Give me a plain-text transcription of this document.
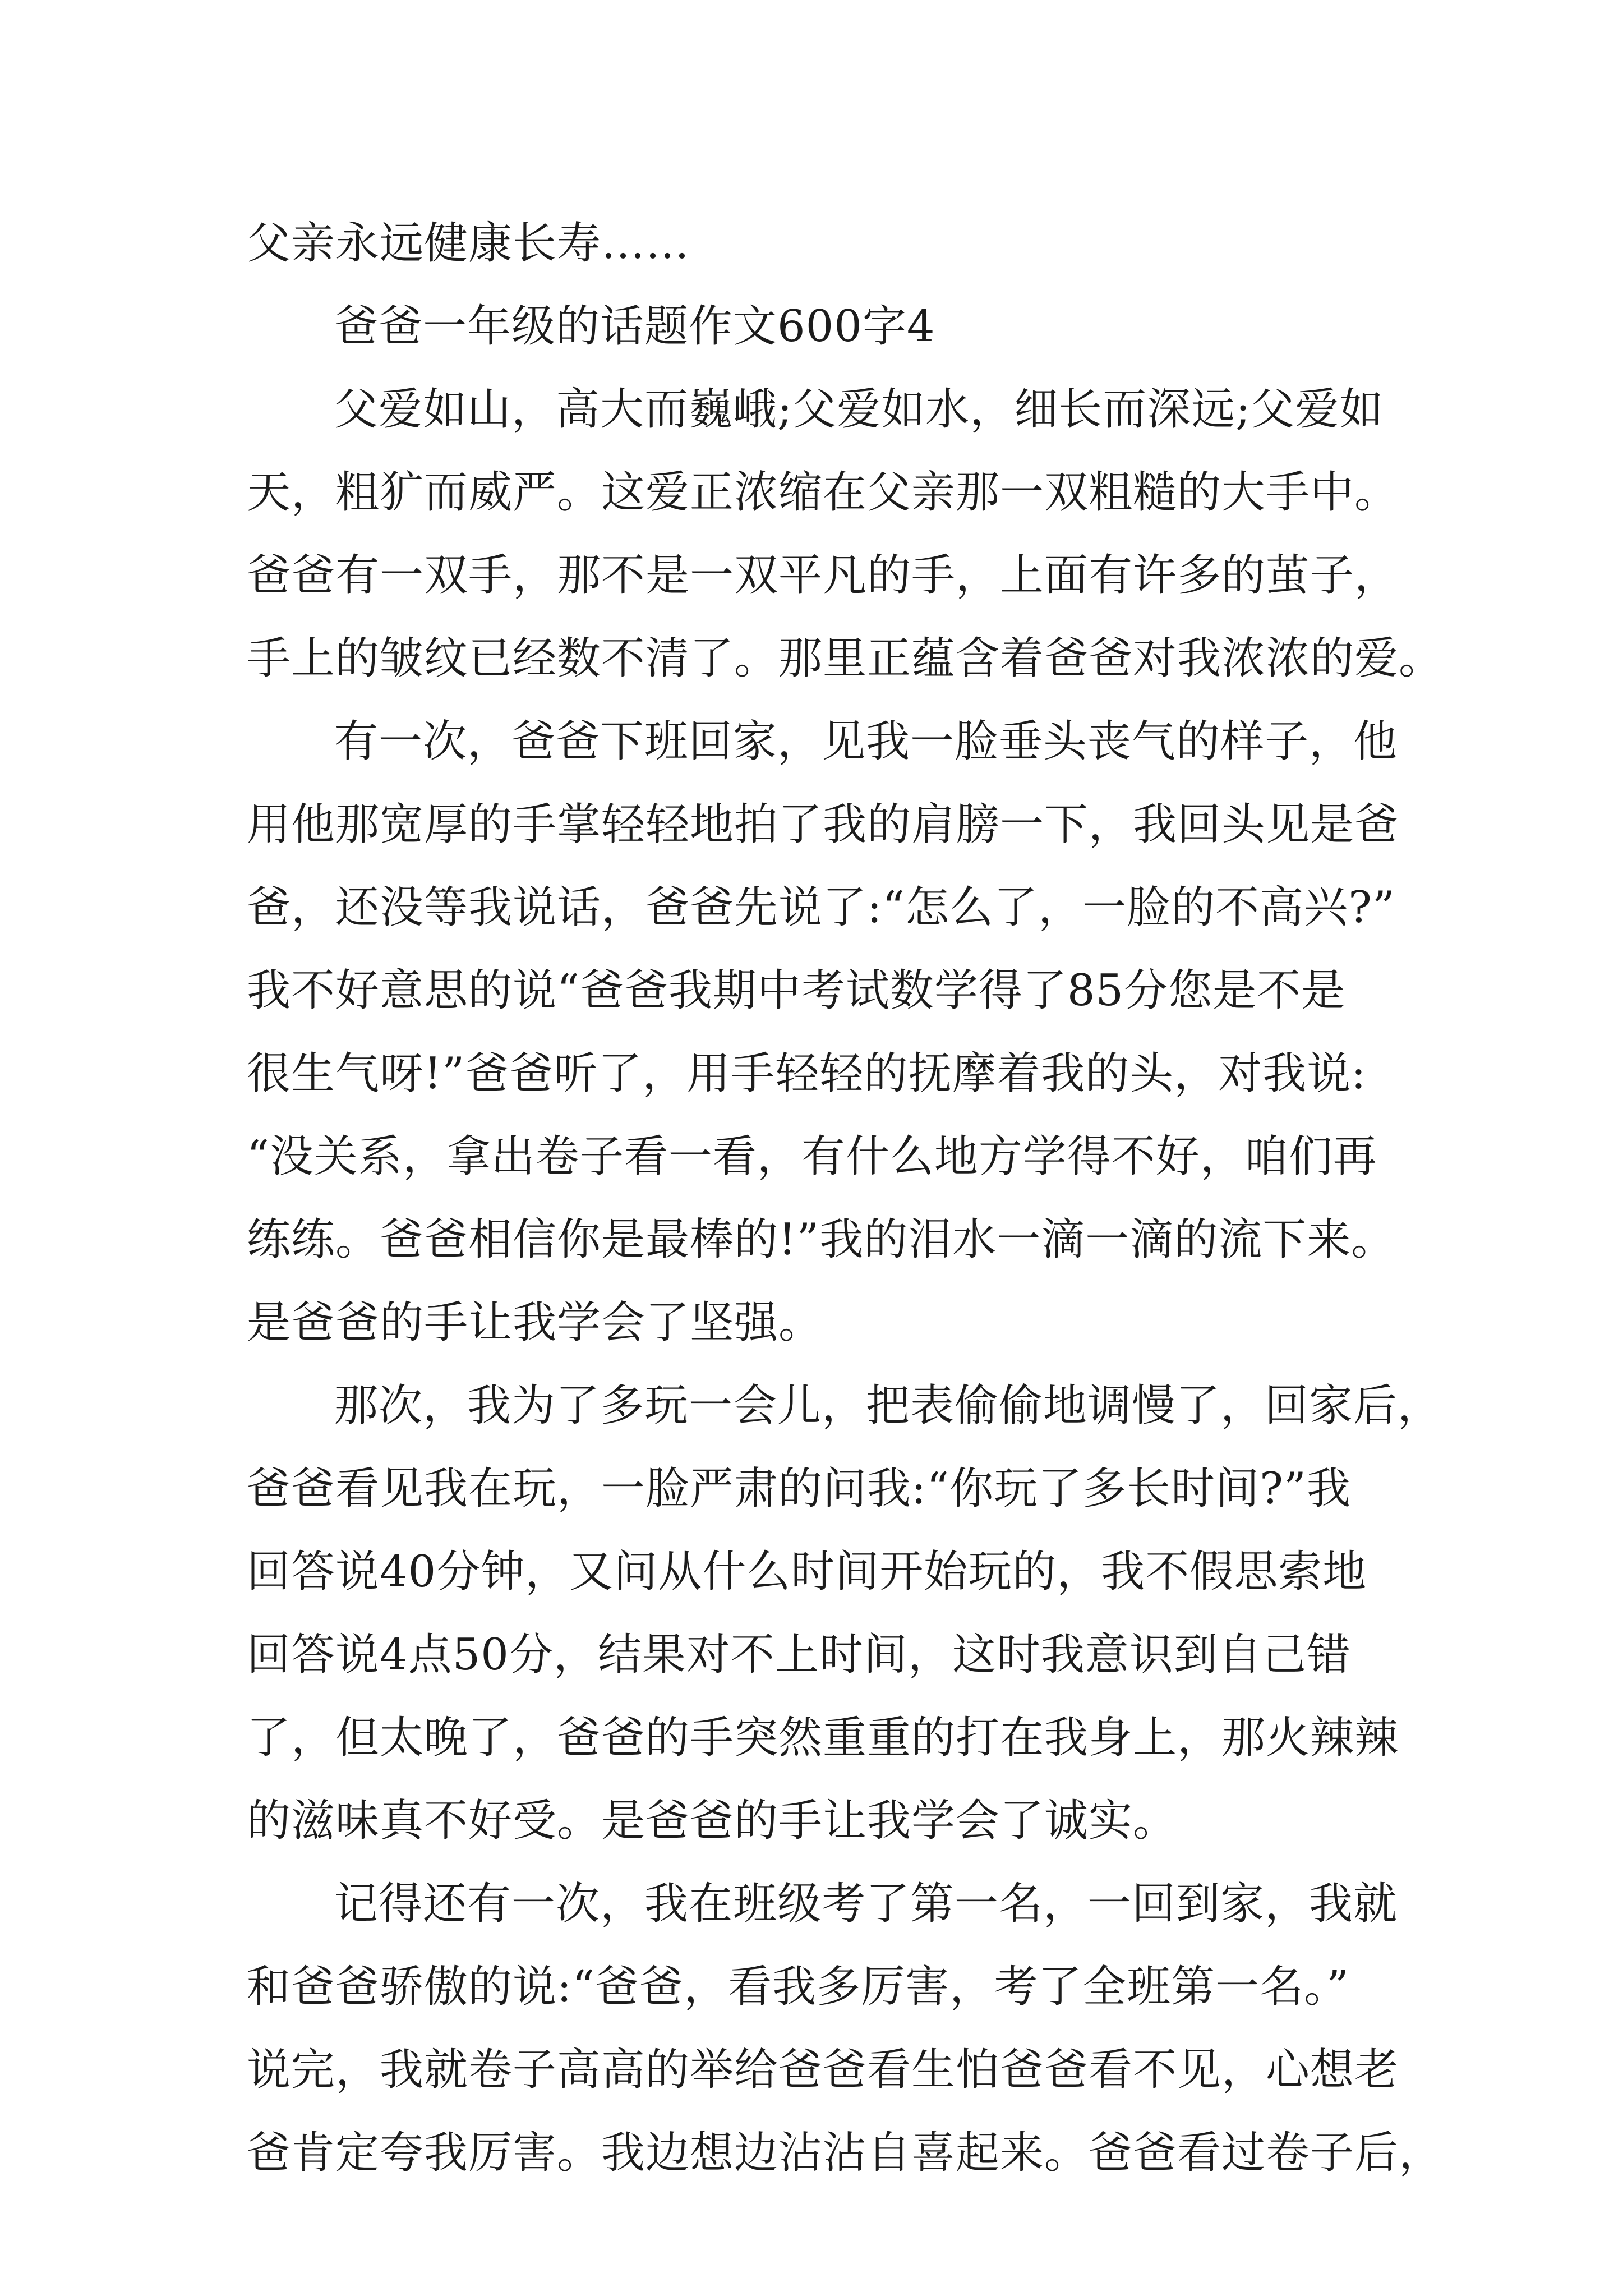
父亲永远健康长寿……
爸爸一年级的话题作文600字4
父爱如山，高大而巍峨;父爱如水，细长而深远;父爱如
天，粗犷而威严。这爱正浓缩在父亲那一双粗糙的大手中。
爸爸有一双手，那不是一双平凡的手，上面有许多的茧子，
手上的皱纹已经数不清了。那里正蕴含着爸爸对我浓浓的爱。
有一次，爸爸下班回家，见我一脸垂头丧气的样子，他
用他那宽厚的手掌轻轻地拍了我的肩膀一下，我回头见是爸
爸，还没等我说话，爸爸先说了:“怎么了，一脸的不高兴?”
我不好意思的说“爸爸我期中考试数学得了85分您是不是
很生气呀!”爸爸听了，用手轻轻的抚摩着我的头，对我说:
“没关系，拿出卷子看一看，有什么地方学得不好，咱们再
练练。爸爸相信你是最棒的!”我的泪水一滴一滴的流下来。
是爸爸的手让我学会了坚强。
那次，我为了多玩一会儿，把表偷偷地调慢了，回家后，
爸爸看见我在玩，一脸严肃的问我:“你玩了多长时间?”我
回答说40分钟，又问从什么时间开始玩的，我不假思索地
回答说4点50分，结果对不上时间，这时我意识到自己错
了，但太晚了，爸爸的手突然重重的打在我身上，那火辣辣
的滋味真不好受。是爸爸的手让我学会了诚实。
记得还有一次，我在班级考了第一名，一回到家，我就
和爸爸骄傲的说:“爸爸，看我多厉害，考了全班第一名。”
说完，我就卷子高高的举给爸爸看生怕爸爸看不见，心想老
爸肯定夸我厉害。我边想边沾沾自喜起来。爸爸看过卷子后，
